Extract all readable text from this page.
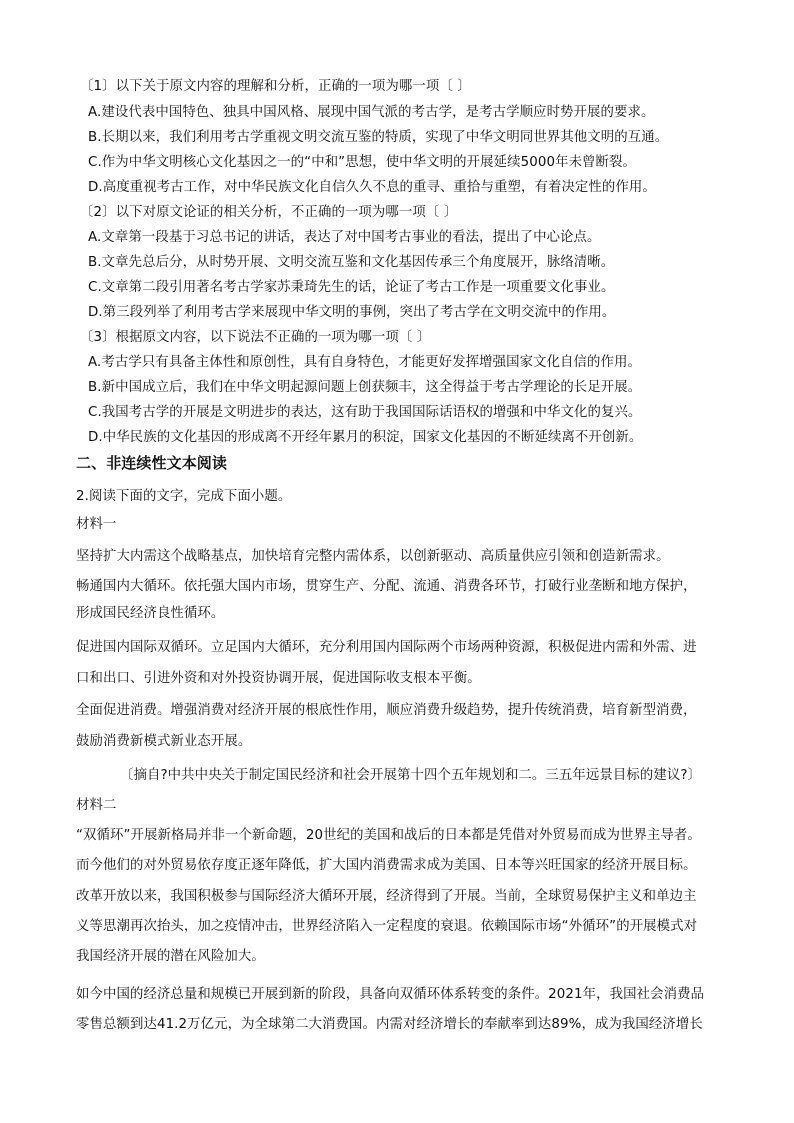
〔1〕以下关于原文内容的理解和分析，正确的一项为哪一项〔 〕
A.建设代表中国特色、独具中国风格、展现中国气派的考古学，是考古学顺应时势开展的要求。
B.长期以来，我们利用考古学重视文明交流互鉴的特质，实现了中华文明同世界其他文明的互通。
C.作为中华文明核心文化基因之一的“中和”思想，使中华文明的开展延续5000年未曾断裂。
D.高度重视考古工作，对中华民族文化自信久久不息的重寻、重拾与重塑，有着决定性的作用。
〔2〕以下对原文论证的相关分析，不正确的一项为哪一项〔 〕
A.文章第一段基于习总书记的讲话，表达了对中国考古事业的看法，提出了中心论点。
B.文章先总后分，从时势开展、文明交流互鉴和文化基因传承三个角度展开，脉络清晰。
C.文章第二段引用著名考古学家苏秉琦先生的话，论证了考古工作是一项重要文化事业。
D.第三段列举了利用考古学来展现中华文明的事例，突出了考古学在文明交流中的作用。
〔3〕根据原文内容，以下说法不正确的一项为哪一项〔 〕
A.考古学只有具备主体性和原创性，具有自身特色，才能更好发挥增强国家文化自信的作用。
B.新中国成立后，我们在中华文明起源问题上创获频丰，这全得益于考古学理论的长足开展。
C.我国考古学的开展是文明进步的表达，这有助于我国国际话语权的增强和中华文化的复兴。
D.中华民族的文化基因的形成离不开经年累月的积淀，国家文化基因的不断延续离不开创新。
二、非连续性文本阅读
2.阅读下面的文字，完成下面小题。
材料一
坚持扩大内需这个战略基点，加快培育完整内需体系，以创新驱动、高质量供应引领和创造新需求。
畅通国内大循环。依托强大国内市场，贯穿生产、分配、流通、消费各环节，打破行业垄断和地方保护，
形成国民经济良性循环。
促进国内国际双循环。立足国内大循环，充分利用国内国际两个市场两种资源，积极促进内需和外需、进
口和出口、引进外资和对外投资协调开展，促进国际收支根本平衡。
全面促进消费。增强消费对经济开展的根底性作用，顺应消费升级趋势，提升传统消费，培育新型消费，
鼓励消费新模式新业态开展。
〔摘自?中共中央关于制定国民经济和社会开展第十四个五年规划和二。三五年远景目标的建议?〕
材料二
“双循环”开展新格局并非一个新命题，20世纪的美国和战后的日本都是凭借对外贸易而成为世界主导者。
而今他们的对外贸易依存度正逐年降低，扩大国内消费需求成为美国、日本等兴旺国家的经济开展目标。
改革开放以来，我国积极参与国际经济大循环开展，经济得到了开展。当前，全球贸易保护主义和单边主
义等思潮再次抬头，加之疫情冲击，世界经济陷入一定程度的衰退。依赖国际市场“外循环”的开展模式对
我国经济开展的潜在风险加大。
如今中国的经济总量和规模已开展到新的阶段，具备向双循环体系转变的条件。2021年，我国社会消费品
零售总额到达41.2万亿元，为全球第二大消费国。内需对经济增长的奉献率到达89%，成为我国经济增长
